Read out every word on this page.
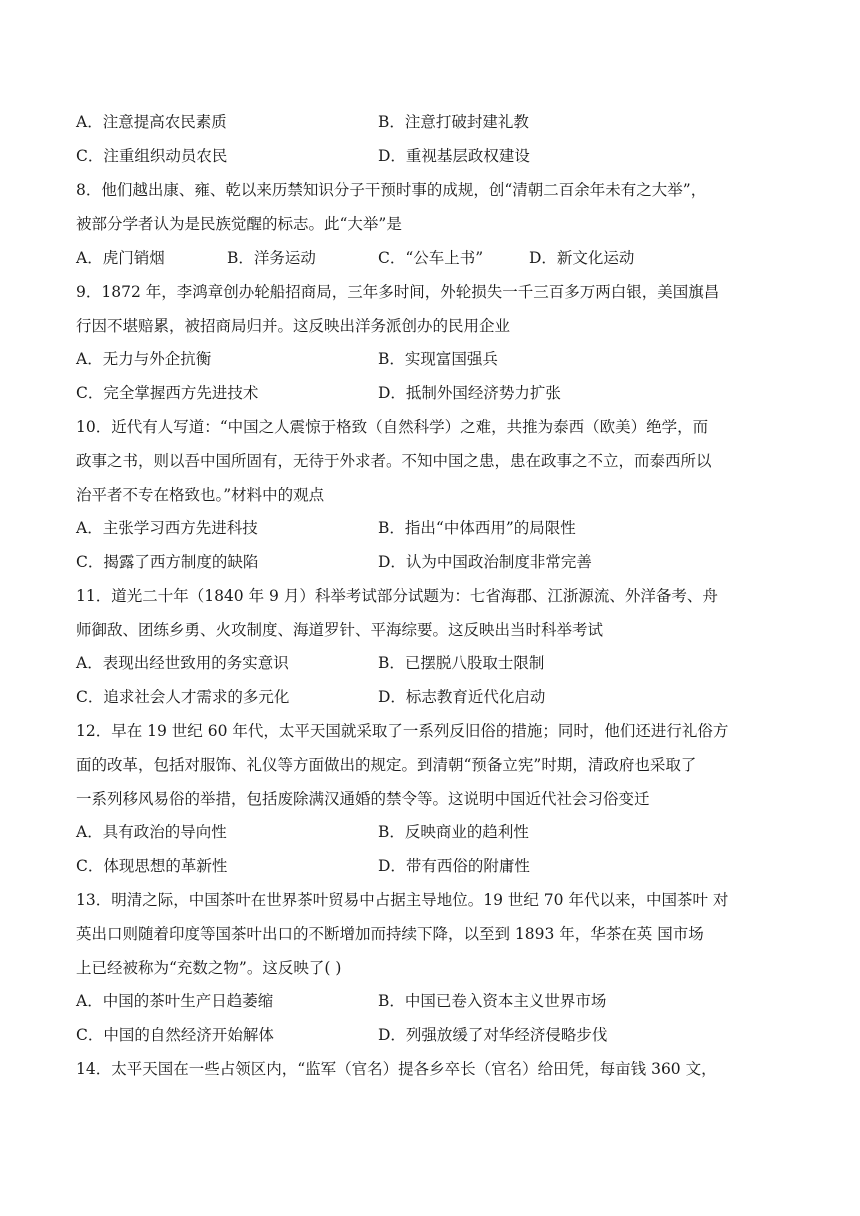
A．注意提高农民素质	B．注意打破封建礼教
C．注重组织动员农民	D．重视基层政权建设
8．他们越出康、雍、乾以来历禁知识分子干预时事的成规，创“清朝二百余年未有之大举”，
被部分学者认为是民族觉醒的标志。此“大举”是
A．虎门销烟	B．洋务运动	C．“公车上书”	D．新文化运动
9．1872 年，李鸿章创办轮船招商局，三年多时间，外轮损失一千三百多万两白银，美国旗昌
行因不堪赔累，被招商局归并。这反映出洋务派创办的民用企业
A．无力与外企抗衡	B．实现富国强兵
C．完全掌握西方先进技术	D．抵制外国经济势力扩张
10．近代有人写道：“中国之人震惊于格致（自然科学）之难，共推为泰西（欧美）绝学，而
政事之书，则以吾中国所固有，无待于外求者。不知中国之患，患在政事之不立，而泰西所以
治平者不专在格致也。”材料中的观点
A．主张学习西方先进科技	B．指出“中体西用”的局限性
C．揭露了西方制度的缺陷	D．认为中国政治制度非常完善
11．道光二十年（1840 年 9 月）科举考试部分试题为：七省海郡、江浙源流、外洋备考、舟
师御敌、团练乡勇、火攻制度、海道罗针、平海综要。这反映出当时科举考试
A．表现出经世致用的务实意识	B．已摆脱八股取士限制
C．追求社会人才需求的多元化	D．标志教育近代化启动
12．早在 19 世纪 60 年代，太平天国就采取了一系列反旧俗的措施；同时，他们还进行礼俗方
面的改革，包括对服饰、礼仪等方面做出的规定。到清朝“预备立宪”时期，清政府也采取了
一系列移风易俗的举措，包括废除满汉通婚的禁令等。这说明中国近代社会习俗变迁
A．具有政治的导向性	B．反映商业的趋利性
C．体现思想的革新性	D．带有西俗的附庸性
13．明清之际，中国茶叶在世界茶叶贸易中占据主导地位。19 世纪 70 年代以来，中国茶叶 对
英出口则随着印度等国茶叶出口的不断增加而持续下降，以至到 1893 年，华茶在英 国市场
上已经被称为“充数之物”。这反映了( )
A．中国的茶叶生产日趋萎缩	B．中国已卷入资本主义世界市场
C．中国的自然经济开始解体	D．列强放缓了对华经济侵略步伐
14．太平天国在一些占领区内，“监军（官名）提各乡卒长（官名）给田凭，每亩钱 360 文，
